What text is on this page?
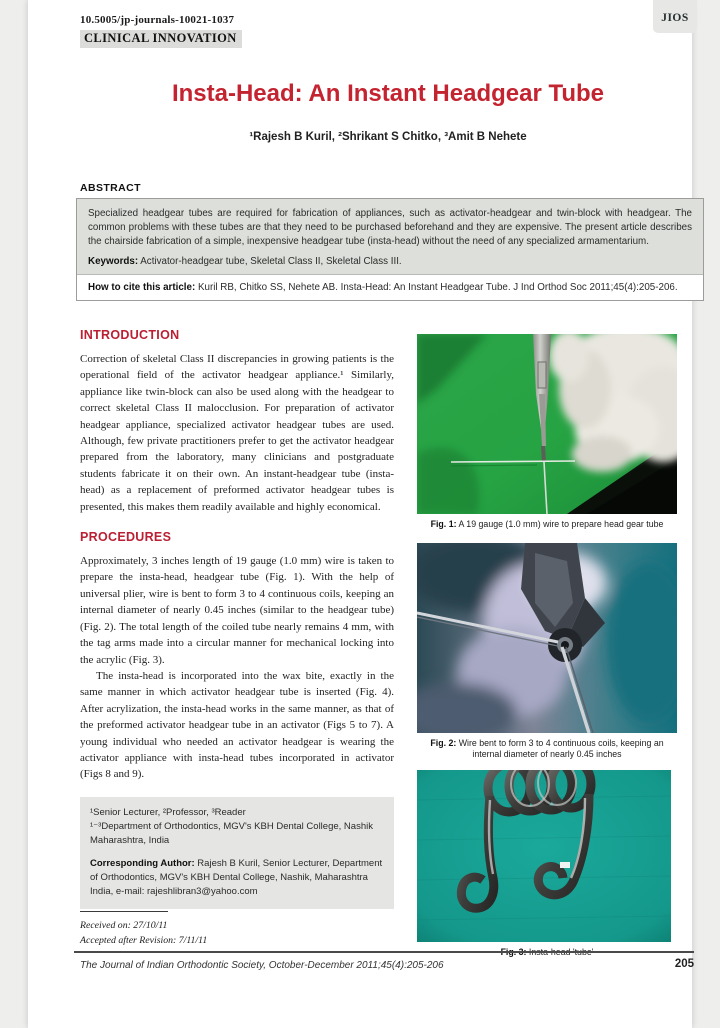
10.5005/jp-journals-10021-1037
CLINICAL INNOVATION
JIOS
Insta-Head: An Instant Headgear Tube
¹Rajesh B Kuril, ²Shrikant S Chitko, ³Amit B Nehete
ABSTRACT
Specialized headgear tubes are required for fabrication of appliances, such as activator-headgear and twin-block with headgear. The common problems with these tubes are that they need to be purchased beforehand and they are expensive. The present article describes the chairside fabrication of a simple, inexpensive headgear tube (insta-head) without the need of any specialized armamentarium.
Keywords: Activator-headgear tube, Skeletal Class II, Skeletal Class III.
How to cite this article: Kuril RB, Chitko SS, Nehete AB. Insta-Head: An Instant Headgear Tube. J Ind Orthod Soc 2011;45(4):205-206.
INTRODUCTION

Correction of skeletal Class II discrepancies in growing patients is the operational field of the activator headgear appliance.¹ Similarly, appliance like twin-block can also be used along with the headgear to correct skeletal Class II malocclusion. For preparation of activator headgear appliance, specialized activator headgear tubes are used. Although, few private practitioners prefer to get the activator headgear prepared from the laboratory, many clinicians and postgraduate students fabricate it on their own. An instant-headgear tube (insta-head) as a replacement of preformed activator headgear tubes is presented, this makes them readily available and highly economical.

PROCEDURES

Approximately, 3 inches length of 19 gauge (1.0 mm) wire is taken to prepare the insta-head, headgear tube (Fig. 1). With the help of universal plier, wire is bent to form 3 to 4 continuous coils, keeping an internal diameter of nearly 0.45 inches (similar to the headgear tube) (Fig. 2). The total length of the coiled tube nearly remains 4 mm, with the tag arms made into a circular manner for mechanical locking into the acrylic (Fig. 3).

The insta-head is incorporated into the wax bite, exactly in the same manner in which activator headgear tube is inserted (Fig. 4). After acrylization, the insta-head works in the same manner, as that of the preformed activator headgear tube in an activator (Figs 5 to 7). A young individual who needed an activator headgear is wearing the activator appliance with insta-head tubes incorporated in activator (Figs 8 and 9).

Fig. 1: A 19 gauge (1.0 mm) wire to prepare head gear tube
Fig. 2: Wire bent to form 3 to 4 continuous coils, keeping an internal diameter of nearly 0.45 inches
Fig. 3: Insta-head 'tube'
¹Senior Lecturer, ²Professor, ³Reader
¹⁻³Department of Orthodontics, MGV's KBH Dental College, Nashik Maharashtra, India
Corresponding Author: Rajesh B Kuril, Senior Lecturer, Department of Orthodontics, MGV's KBH Dental College, Nashik, Maharashtra India, e-mail: rajeshlibran3@yahoo.com
Received on: 27/10/11
Accepted after Revision: 7/11/11
The Journal of Indian Orthodontic Society, October-December 2011;45(4):205-206	205
